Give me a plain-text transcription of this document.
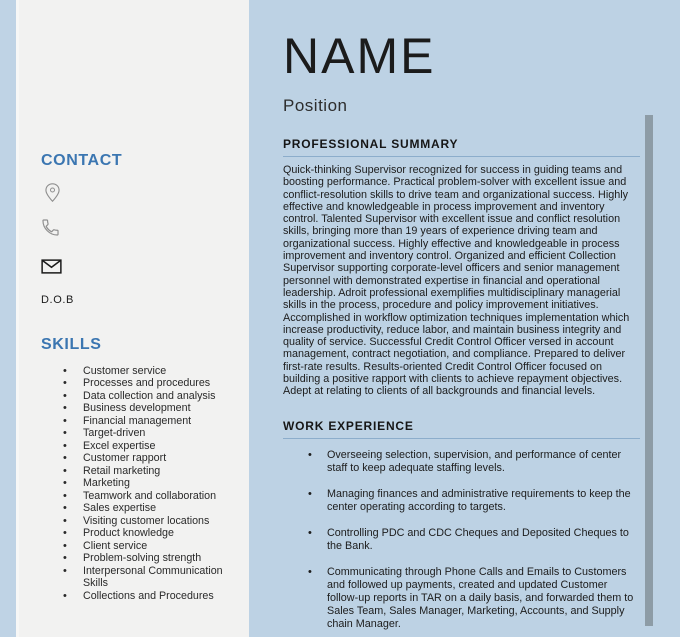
CONTACT
D.O.B
SKILLS
• Customer service
• Processes and procedures
• Data collection and analysis
• Business development
• Financial management
• Target-driven
• Excel expertise
• Customer rapport
• Retail marketing
• Marketing
• Teamwork and collaboration
• Sales expertise
• Visiting customer locations
• Product knowledge
• Client service
• Problem-solving strength
• Interpersonal Communication Skills
• Collections and Procedures
NAME
Position
PROFESSIONAL SUMMARY

Quick-thinking Supervisor recognized for success in guiding teams and boosting performance. Practical problem-solver with excellent issue and conflict-resolution skills to drive team and organizational success. Highly effective and knowledgeable in process improvement and inventory control. Talented Supervisor with excellent issue and conflict resolution skills, bringing more than 19 years of experience driving team and organizational success. Highly effective and knowledgeable in process improvement and inventory control. Organized and efficient Collection Supervisor supporting corporate-level officers and senior management personnel with demonstrated expertise in financial and operational leadership. Adroit professional exemplifies multidisciplinary managerial skills in the process, procedure and policy improvement initiatives. Accomplished in workflow optimization techniques implementation which increase productivity, reduce labor, and maintain business integrity and quality of service. Successful Credit Control Officer versed in account management, contract negotiation, and compliance. Prepared to deliver first-rate results. Results-oriented Credit Control Officer focused on building a positive rapport with clients to achieve repayment objectives. Adept at relating to clients of all backgrounds and financial levels.

WORK EXPERIENCE
• Overseeing selection, supervision, and performance of center staff to keep adequate staffing levels.
• Managing finances and administrative requirements to keep the center operating according to targets.
• Controlling PDC and CDC Cheques and Deposited Cheques to the Bank.
• Communicating through Phone Calls and Emails to Customers and followed up payments, created and updated Customer follow-up reports in TAR on a daily basis, and forwarded them to Sales Team, Sales Manager, Marketing, Accounts, and Supply chain Manager.
